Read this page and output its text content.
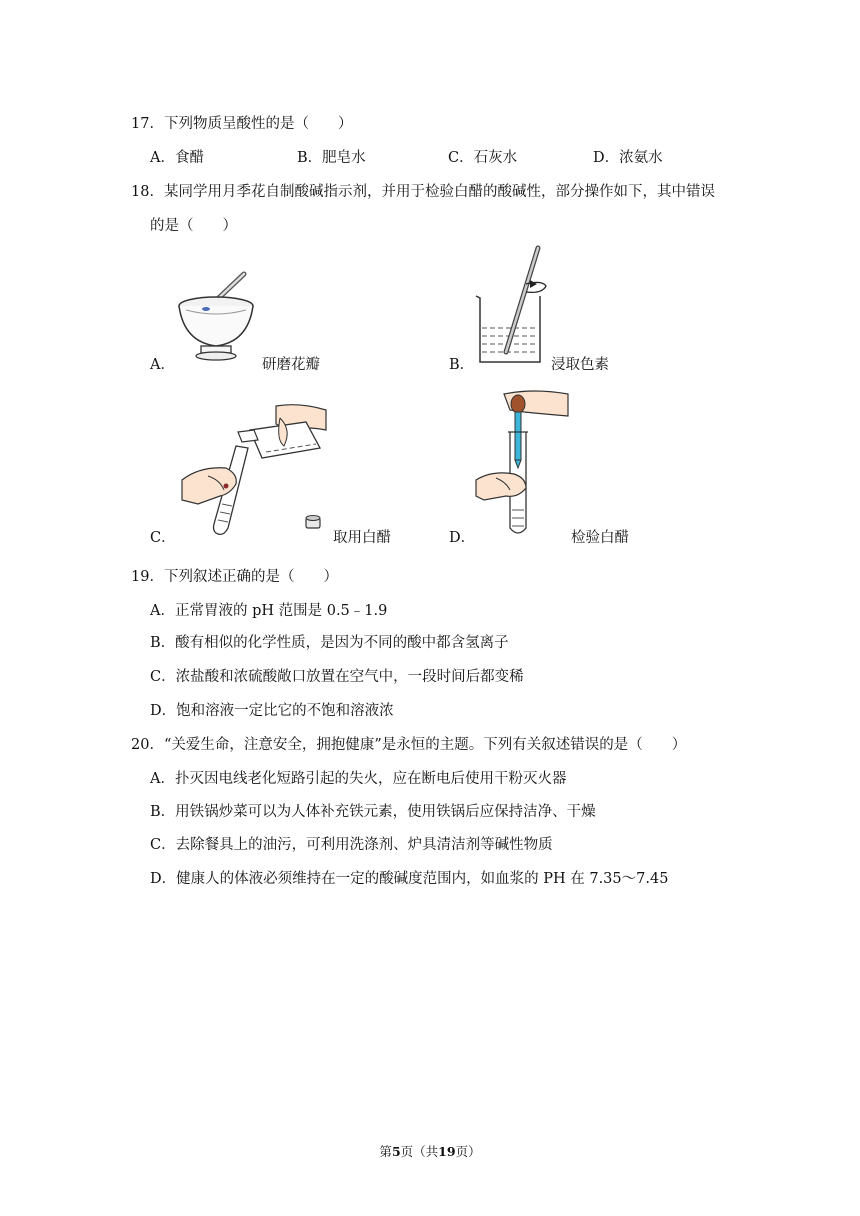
17．下列物质呈酸性的是（　　）
A．食醋	B．肥皂水	C．石灰水	D．浓氨水
18．某同学用月季花自制酸碱指示剂，并用于检验白醋的酸碱性，部分操作如下，其中错误
的是（　　）
A．	研磨花瓣	B．	浸取色素
C．	取用白醋	D．	检验白醋
19．下列叙述正确的是（　　）
A．正常胃液的 pH 范围是 0.5﹣1.9
B．酸有相似的化学性质，是因为不同的酸中都含氢离子
C．浓盐酸和浓硫酸敞口放置在空气中，一段时间后都变稀
D．饱和溶液一定比它的不饱和溶液浓
20．“关爱生命，注意安全，拥抱健康”是永恒的主题。下列有关叙述错误的是（　　）
A．扑灭因电线老化短路引起的失火，应在断电后使用干粉灭火器
B．用铁锅炒菜可以为人体补充铁元素，使用铁锅后应保持洁净、干燥
C．去除餐具上的油污，可利用洗涤剂、炉具清洁剂等碱性物质
D．健康人的体液必须维持在一定的酸碱度范围内，如血浆的 PH 在 7.35～7.45
第5页（共19页）
